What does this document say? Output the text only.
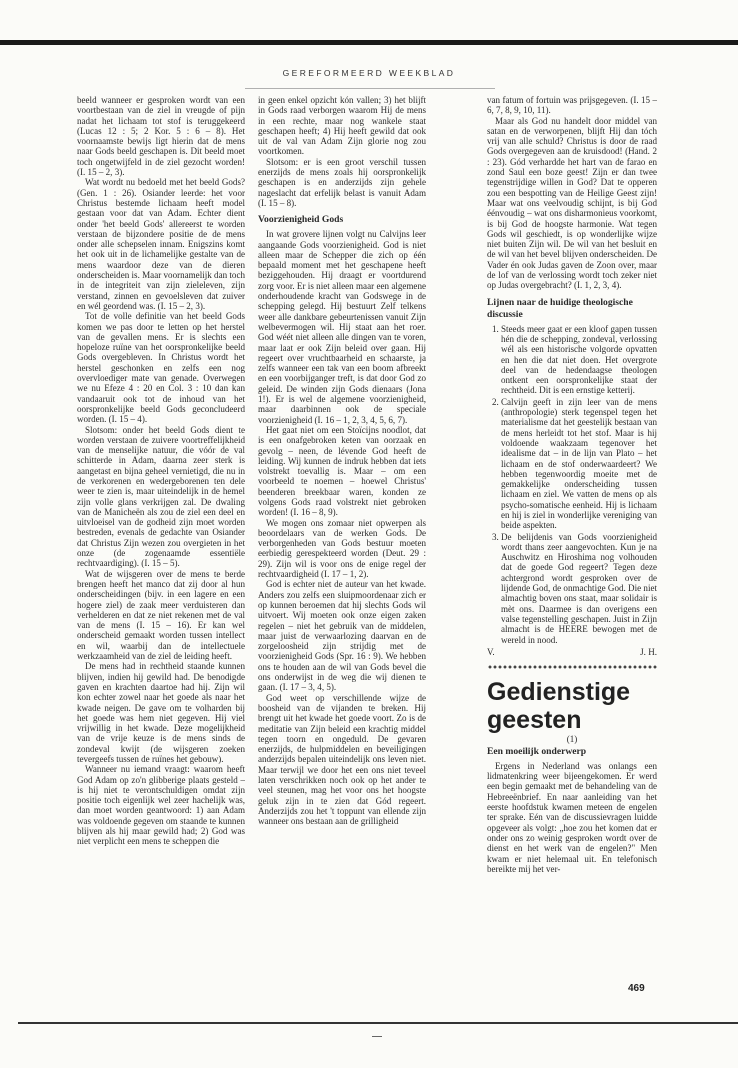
GEREFORMEERD WEEKBLAD

beeld wanneer er gesproken wordt van een voortbestaan van de ziel in vreugde of pijn nadat het lichaam tot stof is teruggekeerd (Lucas 12 : 5; 2 Kor. 5 : 6 – 8). Het voornaamste bewijs ligt hierin dat de mens naar Gods beeld geschapen is. Dit beeld moet toch ongetwijfeld in de ziel gezocht worden! (I. 15 – 2, 3).

Wat wordt nu bedoeld met het beeld Gods? (Gen. 1 : 26). Osiander leerde: het voor Christus bestemde lichaam heeft model gestaan voor dat van Adam. Echter dient onder 'het beeld Gods' allereerst te worden verstaan de bijzondere positie de de mens onder alle schepselen innam. Enigszins komt het ook uit in de lichamelijke gestalte van de mens waardoor deze van de dieren onderscheiden is. Maar voornamelijk dan toch in de integriteit van zijn zieleleven, zijn verstand, zinnen en gevoelsleven dat zuiver en wél geordend was. (I. 15 – 2, 3).

Tot de volle definitie van het beeld Gods komen we pas door te letten op het herstel van de gevallen mens. Er is slechts een hopeloze ruïne van het oorspronkelijke beeld Gods overgebleven. In Christus wordt het herstel geschonken en zelfs een nog overvloediger mate van genade. Overwegen we nu Efeze 4 : 20 en Col. 3 : 10 dan kan vandaaruit ook tot de inhoud van het oorspronkelijke beeld Gods geconcludeerd worden. (I. 15 – 4).

Slotsom: onder het beeld Gods dient te worden verstaan de zuivere voortreffelijkheid van de menselijke natuur, die vóór de val schitterde in Adam, daarna zeer sterk is aangetast en bijna geheel vernietigd, die nu in de verkorenen en wedergeborenen ten dele weer te zien is, maar uiteindelijk in de hemel zijn volle glans verkrijgen zal. De dwaling van de Manicheën als zou de ziel een deel en uitvloeisel van de godheid zijn moet worden bestreden, evenals de gedachte van Osiander dat Christus Zijn wezen zou overgieten in het onze (de zogenaamde essentiële rechtvaardiging). (I. 15 – 5).

Wat de wijsgeren over de mens te berde brengen heeft het manco dat zij door al hun onderscheidingen (bijv. in een lagere en een hogere ziel) de zaak meer verduisteren dan verhelderen en dat ze niet rekenen met de val van de mens (I. 15 – 16). Er kan wel onderscheid gemaakt worden tussen intellect en wil, waarbij dan de intellectuele werkzaamheid van de ziel de leiding heeft.

De mens had in rechtheid staande kunnen blijven, indien hij gewild had. De benodigde gaven en krachten daartoe had hij. Zijn wil kon echter zowel naar het goede als naar het kwade neigen. De gave om te volharden bij het goede was hem niet gegeven. Hij viel vrijwillig in het kwade. Deze mogelijkheid van de vrije keuze is de mens sinds de zondeval kwijt (de wijsgeren zoeken tevergeefs tussen de ruïnes het gebouw).

Wanneer nu iemand vraagt: waarom heeft God Adam op zo'n glibberige plaats gesteld – is hij niet te verontschuldigen omdat zijn positie toch eigenlijk wel zeer hachelijk was, dan moet worden geantwoord: 1) aan Adam was voldoende gegeven om staande te kunnen blijven als hij maar gewild had; 2) God was niet verplicht een mens te scheppen die

in geen enkel opzicht kón vallen; 3) het blijft in Gods raad verborgen waarom Hij de mens in een rechte, maar nog wankele staat geschapen heeft; 4) Hij heeft gewild dat ook uit de val van Adam Zijn glorie nog zou voortkomen.

Slotsom: er is een groot verschil tussen enerzijds de mens zoals hij oorspronkelijk geschapen is en anderzijds zijn gehele nageslacht dat erfelijk belast is vanuit Adam (I. 15 – 8).

Voorzienigheid Gods

In wat grovere lijnen volgt nu Calvijns leer aangaande Gods voorzienigheid. God is niet alleen maar de Schepper die zich op één bepaald moment met het geschapene heeft beziggehouden. Hij draagt er voortdurend zorg voor. Er is niet alleen maar een algemene onderhoudende kracht van Godswege in de schepping gelegd. Hij bestuurt Zelf telkens weer alle dankbare gebeurtenissen vanuit Zijn welbevermogen wil. Hij staat aan het roer. God wéét niet alleen alle dingen van te voren, maar laat er ook Zijn beleid over gaan. Hij regeert over vruchtbaarheid en schaarste, ja zelfs wanneer een tak van een boom afbreekt en een voorbijganger treft, is dat door God zo geleid. De winden zijn Gods dienaars (Jona 1!). Er is wel de algemene voorzienigheid, maar daarbinnen ook de speciale voorzienigheid (I. 16 – 1, 2, 3, 4, 5, 6, 7).

Het gaat niet om een Stoïcijns noodlot, dat is een onafgebroken keten van oorzaak en gevolg – neen, de lévende God heeft de leiding. Wij kunnen de indruk hebben dat iets volstrekt toevallig is. Maar – om een voorbeeld te noemen – hoewel Christus' beenderen breekbaar waren, konden ze volgens Gods raad volstrekt niet gebroken worden! (I. 16 – 8, 9).

We mogen ons zomaar niet opwerpen als beoordelaars van de werken Gods. De verborgenheden van Gods bestuur moeten eerbiedig gerespekteerd worden (Deut. 29 : 29). Zijn wil is voor ons de enige regel der rechtvaardigheid (I. 17 – 1, 2).

God is echter niet de auteur van het kwade. Anders zou zelfs een sluipmoordenaar zich er op kunnen beroemen dat hij slechts Gods wil uitvoert. Wij moeten ook onze eigen zaken regelen – niet het gebruik van de middelen, maar juist de verwaarlozing daarvan en de zorgeloosheid zijn strijdig met de voorzienigheid Gods (Spr. 16 : 9). We hebben ons te houden aan de wil van Gods bevel die ons onderwijst in de weg die wij dienen te gaan. (I. 17 – 3, 4, 5).

God weet op verschillende wijze de boosheid van de vijanden te breken. Hij brengt uit het kwade het goede voort. Zo is de meditatie van Zijn beleid een krachtig middel tegen toorn en ongeduld. De gevaren enerzijds, de hulpmiddelen en beveiligingen anderzijds bepalen uiteindelijk ons leven niet. Maar terwijl we door het een ons niet teveel laten verschrikken noch ook op het ander te veel steunen, mag het voor ons het hoogste geluk zijn in te zien dat Gód regeert. Anderzijds zou het 't toppunt van ellende zijn wanneer ons bestaan aan de grilligheid

van fatum of fortuin was prijsgegeven. (I. 15 – 6, 7, 8, 9, 10, 11).

Maar als God nu handelt door middel van satan en de verworpenen, blijft Hij dan tóch vrij van alle schuld? Christus is door de raad Gods overgegeven aan de kruisdood! (Hand. 2 : 23). Gód verhardde het hart van de farao en zond Saul een boze geest! Zijn er dan twee tegenstrijdige willen in God? Dat te opperen zou een bespotting van de Heilige Geest zijn! Maar wat ons veelvoudig schijnt, is bij God éénvoudig – wat ons disharmonieus voorkomt, is bij God de hoogste harmonie. Wat tegen Gods wil geschiedt, is op wonderlijke wijze niet buiten Zijn wil. De wil van het besluit en de wil van het bevel blijven onderscheiden. De Vader én ook Judas gaven de Zoon over, maar de lof van de verlossing wordt toch zeker niet op Judas overgebracht? (I. 1, 2, 3, 4).

Lijnen naar de huidige theologische discussie
1. Steeds meer gaat er een kloof gapen tussen hén die de schepping, zondeval, verlossing wél als een historische volgorde opvatten en hen die dat niet doen. Het overgrote deel van de hedendaagse theologen ontkent een oorspronkelijke staat der rechtheid. Dit is een ernstige ketterij.
2. Calvijn geeft in zijn leer van de mens (anthropologie) sterk tegenspel tegen het materialisme dat het geestelijk bestaan van de mens herleidt tot het stof. Maar is hij voldoende waakzaam tegenover het idealisme dat – in de lijn van Plato – het lichaam en de stof onderwaardeert? We hebben tegenwoordig moeite met de gemakkelijke onderscheiding tussen lichaam en ziel. We vatten de mens op als psycho-somatische eenheid. Hij is lichaam en hij is ziel in wonderlijke vereniging van beide aspekten.
3. De belijdenis van Gods voorzienigheid wordt thans zeer aangevochten. Kun je na Auschwitz en Hiroshima nog volhouden dat de goede God regeert? Tegen deze achtergrond wordt gesproken over de lijdende God, de onmachtige God. Die niet almachtig boven ons staat, maar solidair is mèt ons. Daarmee is dan overigens een valse tegenstelling geschapen. Juist in Zijn almacht is de HEERE bewogen met de wereld in nood.
V.	J. H.
Gedienstige geesten
(1)
Een moeilijk onderwerp

Ergens in Nederland was onlangs een lidmatenkring weer bijeengekomen. Er werd een begin gemaakt met de behandeling van de Hebreeënbrief. En naar aanleiding van het eerste hoofdstuk kwamen meteen de engelen ter sprake. Eén van de discussievragen luidde opgeveer als volgt: „hoe zou het komen dat er onder ons zo weinig gesproken wordt over de dienst en het werk van de engelen?" Men kwam er niet helemaal uit. En telefonisch bereikte mij het ver-

469
